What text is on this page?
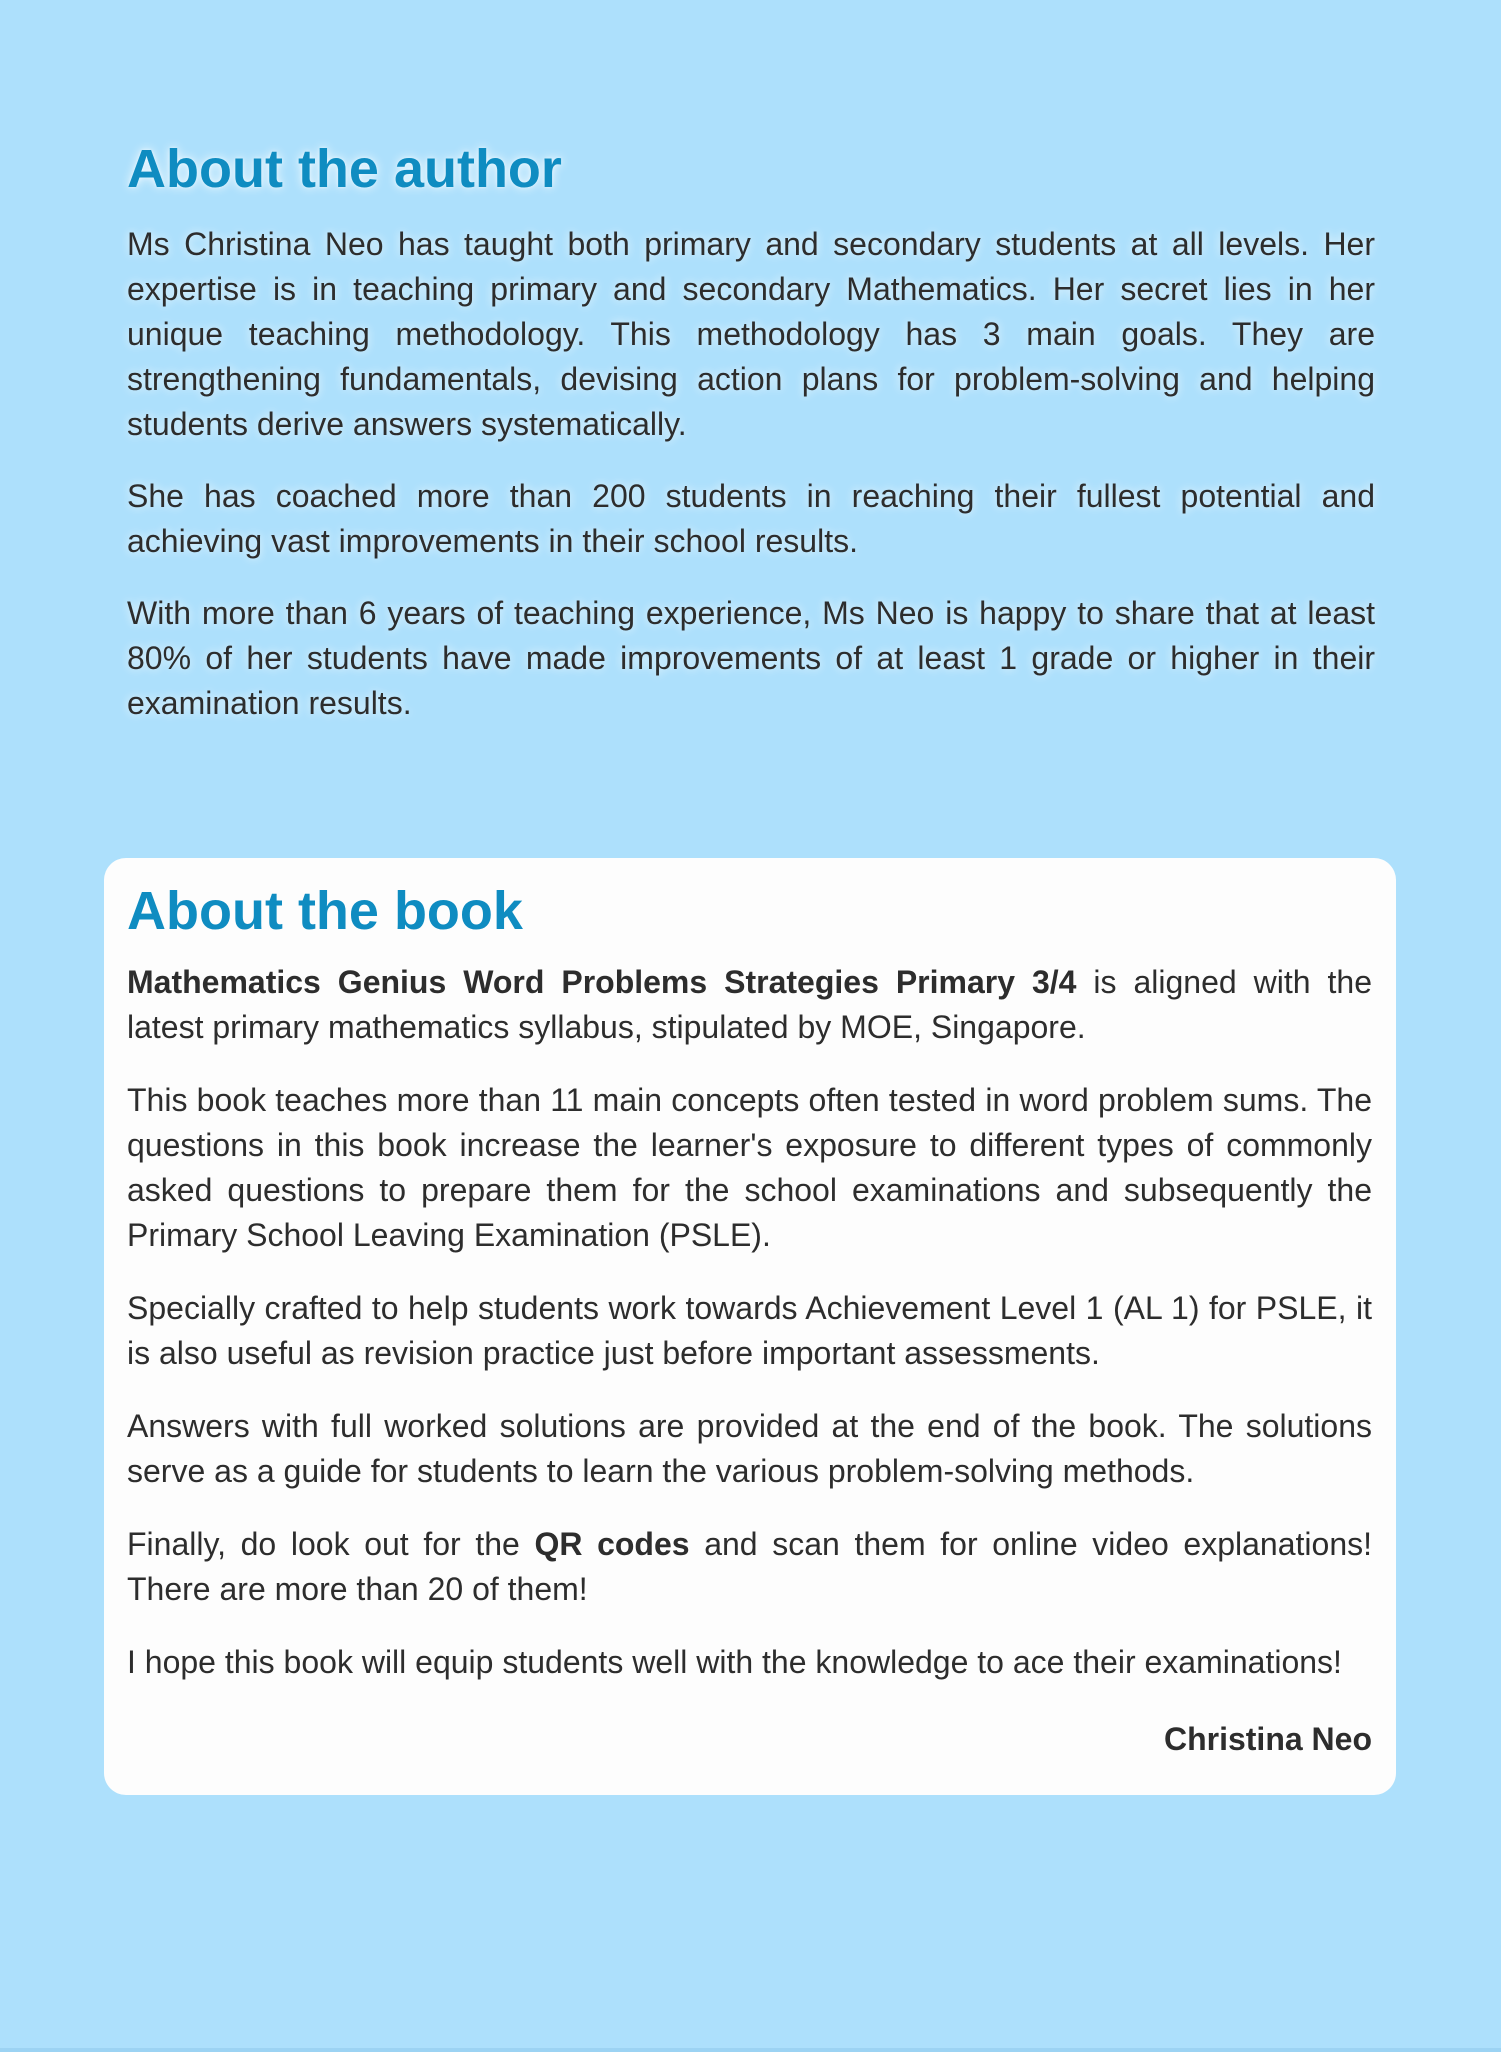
About the author

Ms Christina Neo has taught both primary and secondary students at all levels. Her expertise is in teaching primary and secondary Mathematics. Her secret lies in her unique teaching methodology. This methodology has 3 main goals. They are strengthening fundamentals, devising action plans for problem-solving and helping students derive answers systematically.

She has coached more than 200 students in reaching their fullest potential and achieving vast improvements in their school results.

With more than 6 years of teaching experience, Ms Neo is happy to share that at least 80% of her students have made improvements of at least 1 grade or higher in their examination results.

About the book

Mathematics Genius Word Problems Strategies Primary 3/4 is aligned with the latest primary mathematics syllabus, stipulated by MOE, Singapore.

This book teaches more than 11 main concepts often tested in word problem sums. The questions in this book increase the learner's exposure to different types of commonly asked questions to prepare them for the school examinations and subsequently the Primary School Leaving Examination (PSLE).

Specially crafted to help students work towards Achievement Level 1 (AL 1) for PSLE, it is also useful as revision practice just before important assessments.

Answers with full worked solutions are provided at the end of the book. The solutions serve as a guide for students to learn the various problem-solving methods.

Finally, do look out for the QR codes and scan them for online video explanations! There are more than 20 of them!

I hope this book will equip students well with the knowledge to ace their examinations!

Christina Neo
